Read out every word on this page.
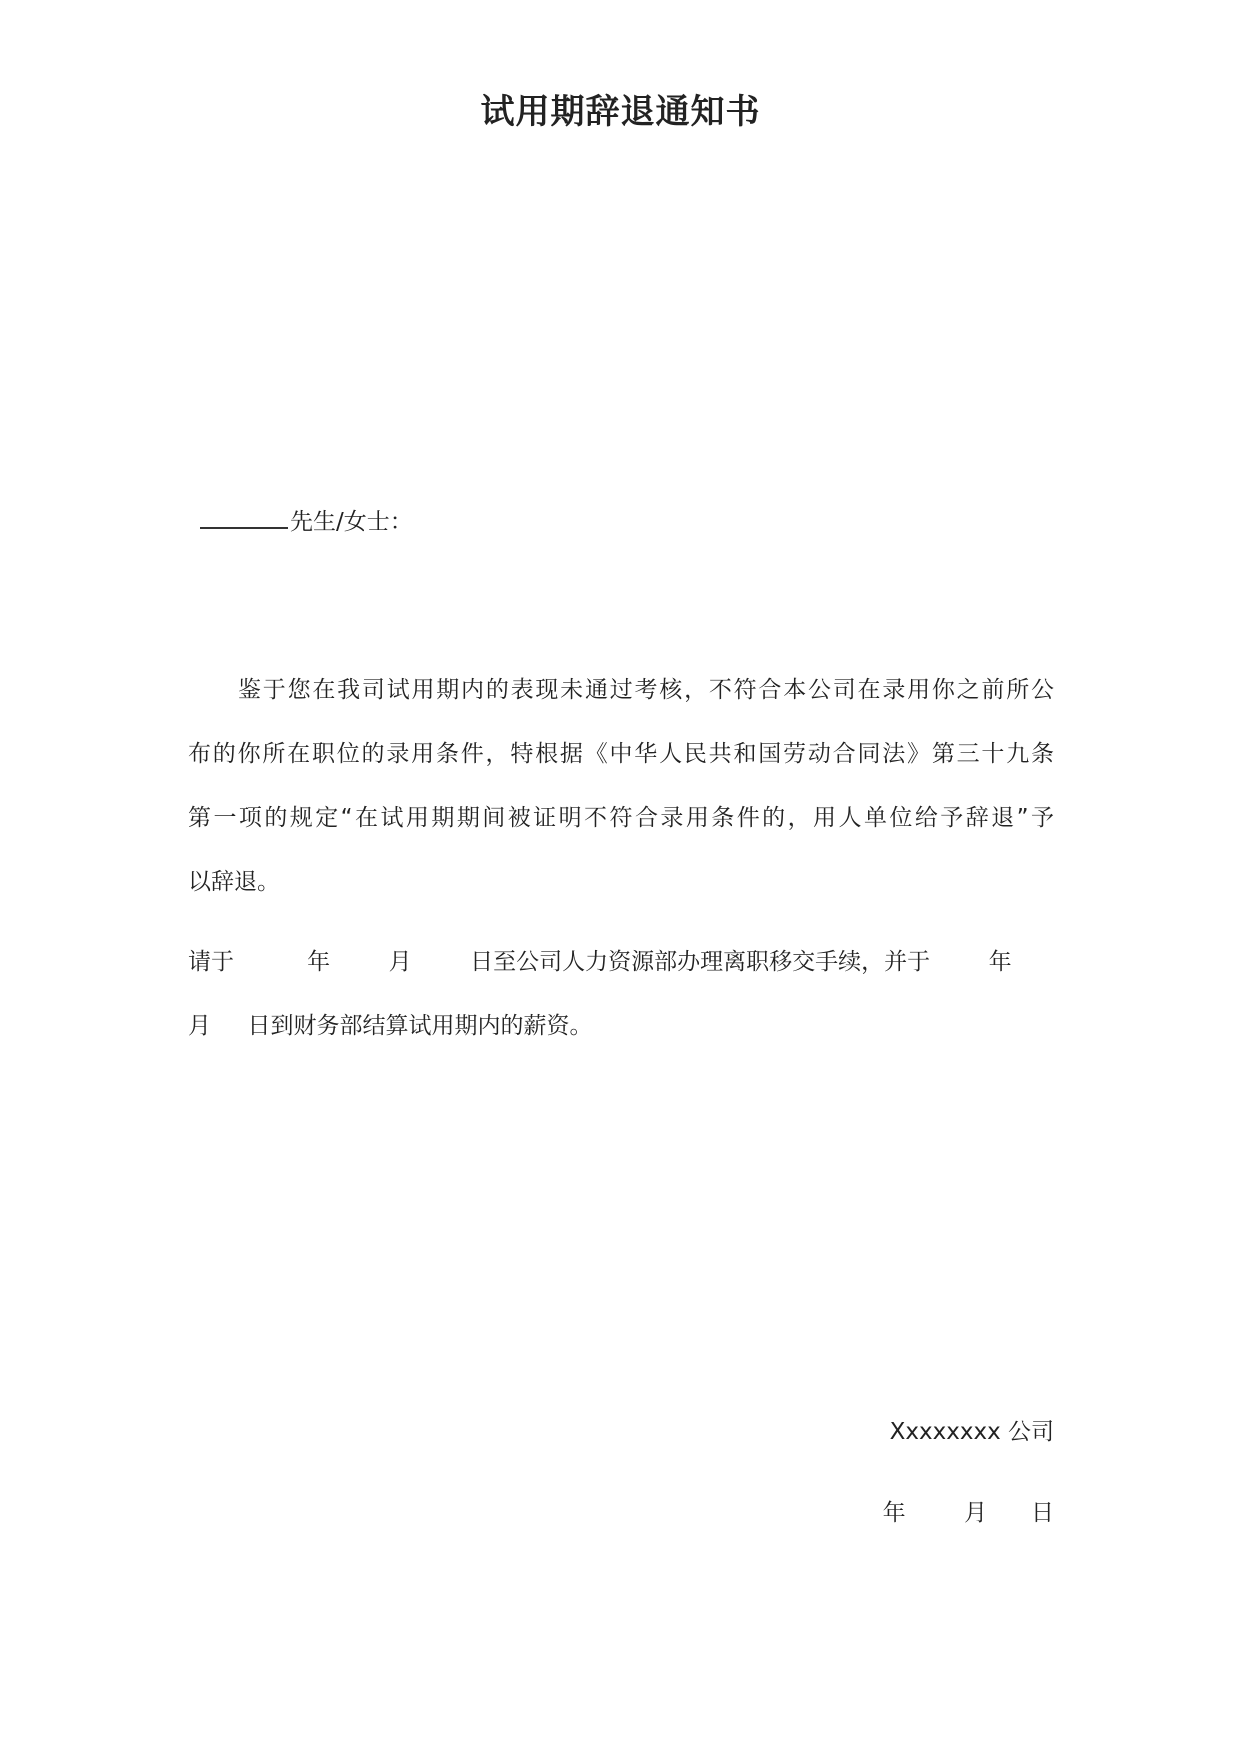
试用期辞退通知书
先生/女士：
鉴于您在我司试用期内的表现未通过考核，不符合本公司在录用你之前所公
布的你所在职位的录用条件，特根据《中华人民共和国劳动合同法》第三十九条
第一项的规定“在试用期期间被证明不符合录用条件的，用人单位给予辞退”予
以辞退。
请于          年        月        日至公司人力资源部办理离职移交手续，并于        年
月     日到财务部结算试用期内的薪资。
Xxxxxxxx 公司
年        月      日
